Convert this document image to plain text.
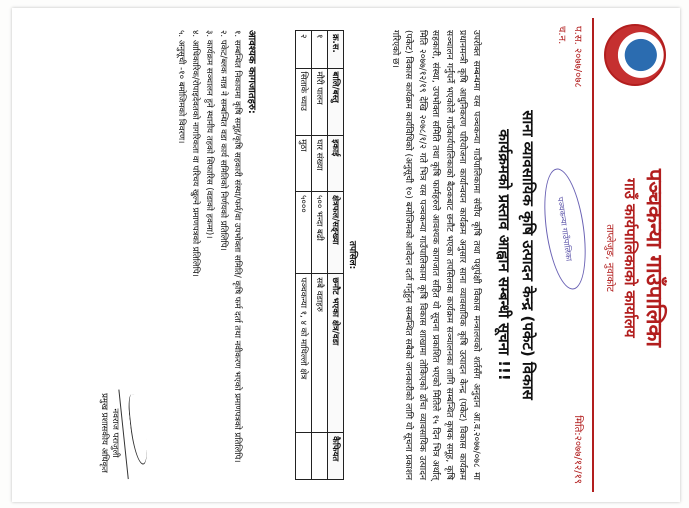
पञ्चकन्या गाउँपालिका
गाउँ कार्यपालिकाको कार्यालय
ताप्लेजुङ, नुवाकोट
प.स. २०७७/०७८
च.न.
मिति:२०७७/१२/१९
पञ्चकन्या गाउँपालिका
साना व्यावसायिक कृषि उत्पादन केन्द्र (पकेट) विकास
कार्यक्रमको प्रस्ताव आह्वान सम्बन्धी सूचना !!!
उपरोक्त सम्बन्धमा यस पञ्चकन्या गाउँपालिकामा संघीय कृषि तथा पशुपंक्षी विकास मन्त्रालयको शर्तसँग अनुदान आ.व.२०७७/०७८ मा प्रधानमन्त्री कृषि आधुनिकरण परियोजना कार्यान्वयन कार्यक्रम अनुसार साना व्यावसायिक कृषि उत्पादन केन्द्र (पकेट) विकास कार्यक्रम सञ्चालन गर्नुपर्ने भएकोले गाउँकार्यपालिकाको बैठकबाट छनौट भएका तपसिलका कार्यक्रम सञ्चालनका लागि सम्बन्धित कृषक समूह, कृषि सहकारी, संस्था, उपभोक्ता समिति तथा कृषि फार्महरुले आवश्यक कागजात सहित यो सूचना प्रकाशित भएको मितिले १५ दिन भित्र अर्थात् मिति २०७७/१२/१९ देखि २०७८/१/२ गते भित्र यस पञ्चकन्या गाउँपालिकामा कृषि विकास शाखामा तोकिएको ढाँचा व्यावसायिक उत्पादन (पकेट) विकास कार्यक्रम कार्यविधिको (अनुसूची १०) बमोजिमको आवेदन दर्ता गर्नुहुन सम्बन्धित सबैको जानकारीको लागि यो सूचना प्रकाशन गरिएको छ।
तपसिल:
क्र.स.	बालि/बस्तु	इकाई	क्षेत्रफल/सङ्ख्या	छनौट भएका क्षेत्र/वडा	कैफियत
१	मौरी पालन	घार संख्या	५०० भन्दा बढी	सबै वडाहरु	
२	सिताके च्याउ	मुठा	५०००	पञ्चकन्या १, ४ को माथिल्लो क्षेत्र	
आवश्यक कागजातहरु:
१. सम्बन्धित निकायमा कृषि समूह/कृषि सहकारी संस्था/फर्म/वा उपभोक्ता समिति/ कृषि फर्म दर्ता तथा नवीकरण भएको प्रमाणपत्रको प्रतिलिपि।
२. पकेट/ब्लक मान्न ने सम्बन्धित वडा कार्य समितिको निर्णयको प्रतिलिपि।
३. कार्यक्रम सञ्चालन हुने स्थानीय तहको सिफारिस (वडाको हकमा)।
४. आधिकारिक/रोपाइदेवतको नागरिकता वा परिचय खुल्ने प्रमाणपत्रको प्रतिलिपि।
५. अनुसूची -१० बमोजिमको विवरण।
नवराज पराजुली
प्रमुख प्रशासकीय अधिकृत
